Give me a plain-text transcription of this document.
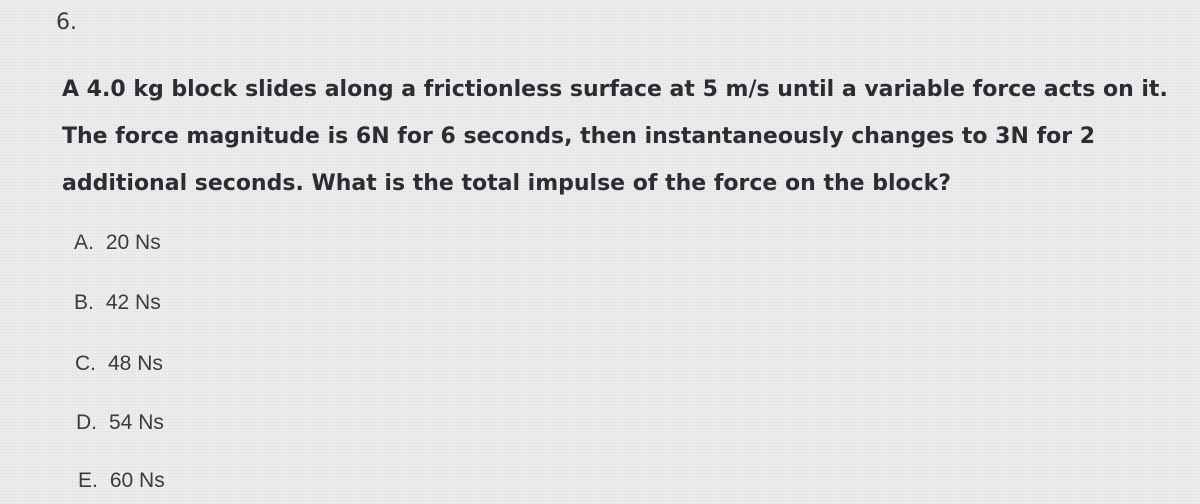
6.

A 4.0 kg block slides along a frictionless surface at 5 m/s until a variable force acts on it. The force magnitude is 6N for 6 seconds, then instantaneously changes to 3N for 2 additional seconds. What is the total impulse of the force on the block?

A. 20 Ns
B. 42 Ns
C. 48 Ns
D. 54 Ns
E. 60 Ns
